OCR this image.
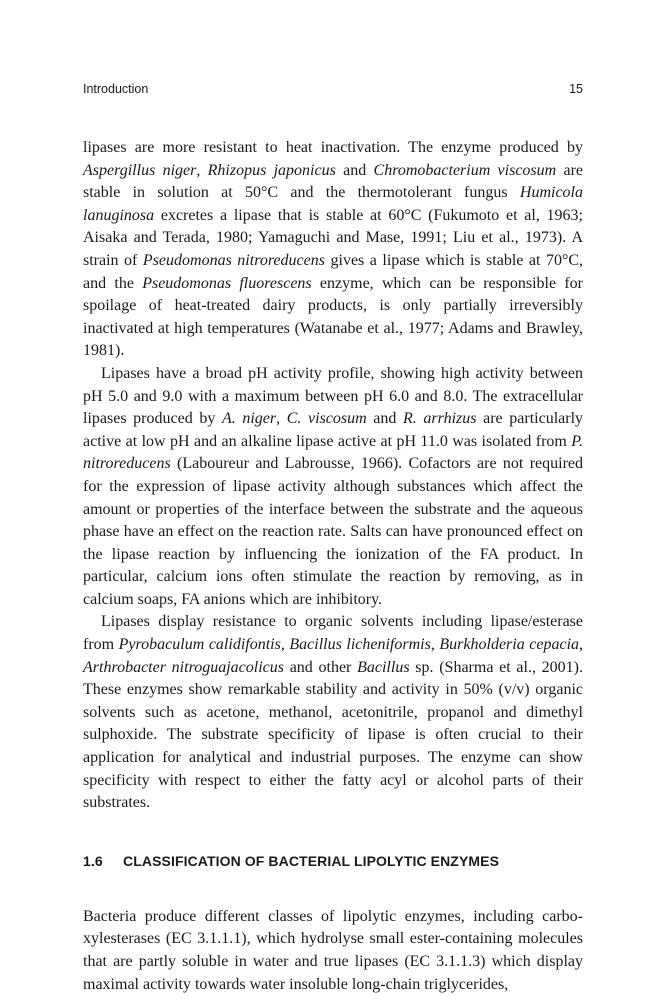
Introduction	15

lipases are more resistant to heat inactivation. The enzyme produced by Aspergillus niger, Rhizopus japonicus and Chromobacterium viscosum are stable in solution at 50°C and the thermotolerant fungus Humicola lanuginosa excretes a lipase that is stable at 60°C (Fukumoto et al, 1963; Aisaka and Terada, 1980; Yamaguchi and Mase, 1991; Liu et al., 1973). A strain of Pseudomonas nitroreducens gives a lipase which is stable at 70°C, and the Pseudomonas fluorescens enzyme, which can be responsible for spoilage of heat-treated dairy products, is only partially irreversibly inactivated at high temperatures (Watanabe et al., 1977; Adams and Brawley, 1981).

Lipases have a broad pH activity profile, showing high activity between pH 5.0 and 9.0 with a maximum between pH 6.0 and 8.0. The extracellular lipases produced by A. niger, C. viscosum and R. arrhizus are particularly active at low pH and an alkaline lipase active at pH 11.0 was isolated from P. nitroreducens (Laboureur and Labrousse, 1966). Cofactors are not required for the expression of lipase activity although substances which affect the amount or properties of the interface between the substrate and the aqueous phase have an effect on the reaction rate. Salts can have pronounced effect on the lipase reaction by influencing the ionization of the FA product. In particular, calcium ions often stimulate the reaction by removing, as in calcium soaps, FA anions which are inhibitory.

Lipases display resistance to organic solvents including lipase/esterase from Pyrobaculum calidifontis, Bacillus licheniformis, Burkholderia cepacia, Arthrobacter nitroguajacolicus and other Bacillus sp. (Sharma et al., 2001). These enzymes show remarkable stability and activity in 50% (v/v) organic solvents such as acetone, methanol, acetonitrile, propanol and dimethyl sulphoxide. The substrate specificity of lipase is often crucial to their application for analytical and industrial purposes. The enzyme can show specificity with respect to either the fatty acyl or alcohol parts of their substrates.

1.6 CLASSIFICATION OF BACTERIAL LIPOLYTIC ENZYMES

Bacteria produce different classes of lipolytic enzymes, including carboxylesterases (EC 3.1.1.1), which hydrolyse small ester-containing molecules that are partly soluble in water and true lipases (EC 3.1.1.3) which display maximal activity towards water insoluble long-chain triglycerides,
